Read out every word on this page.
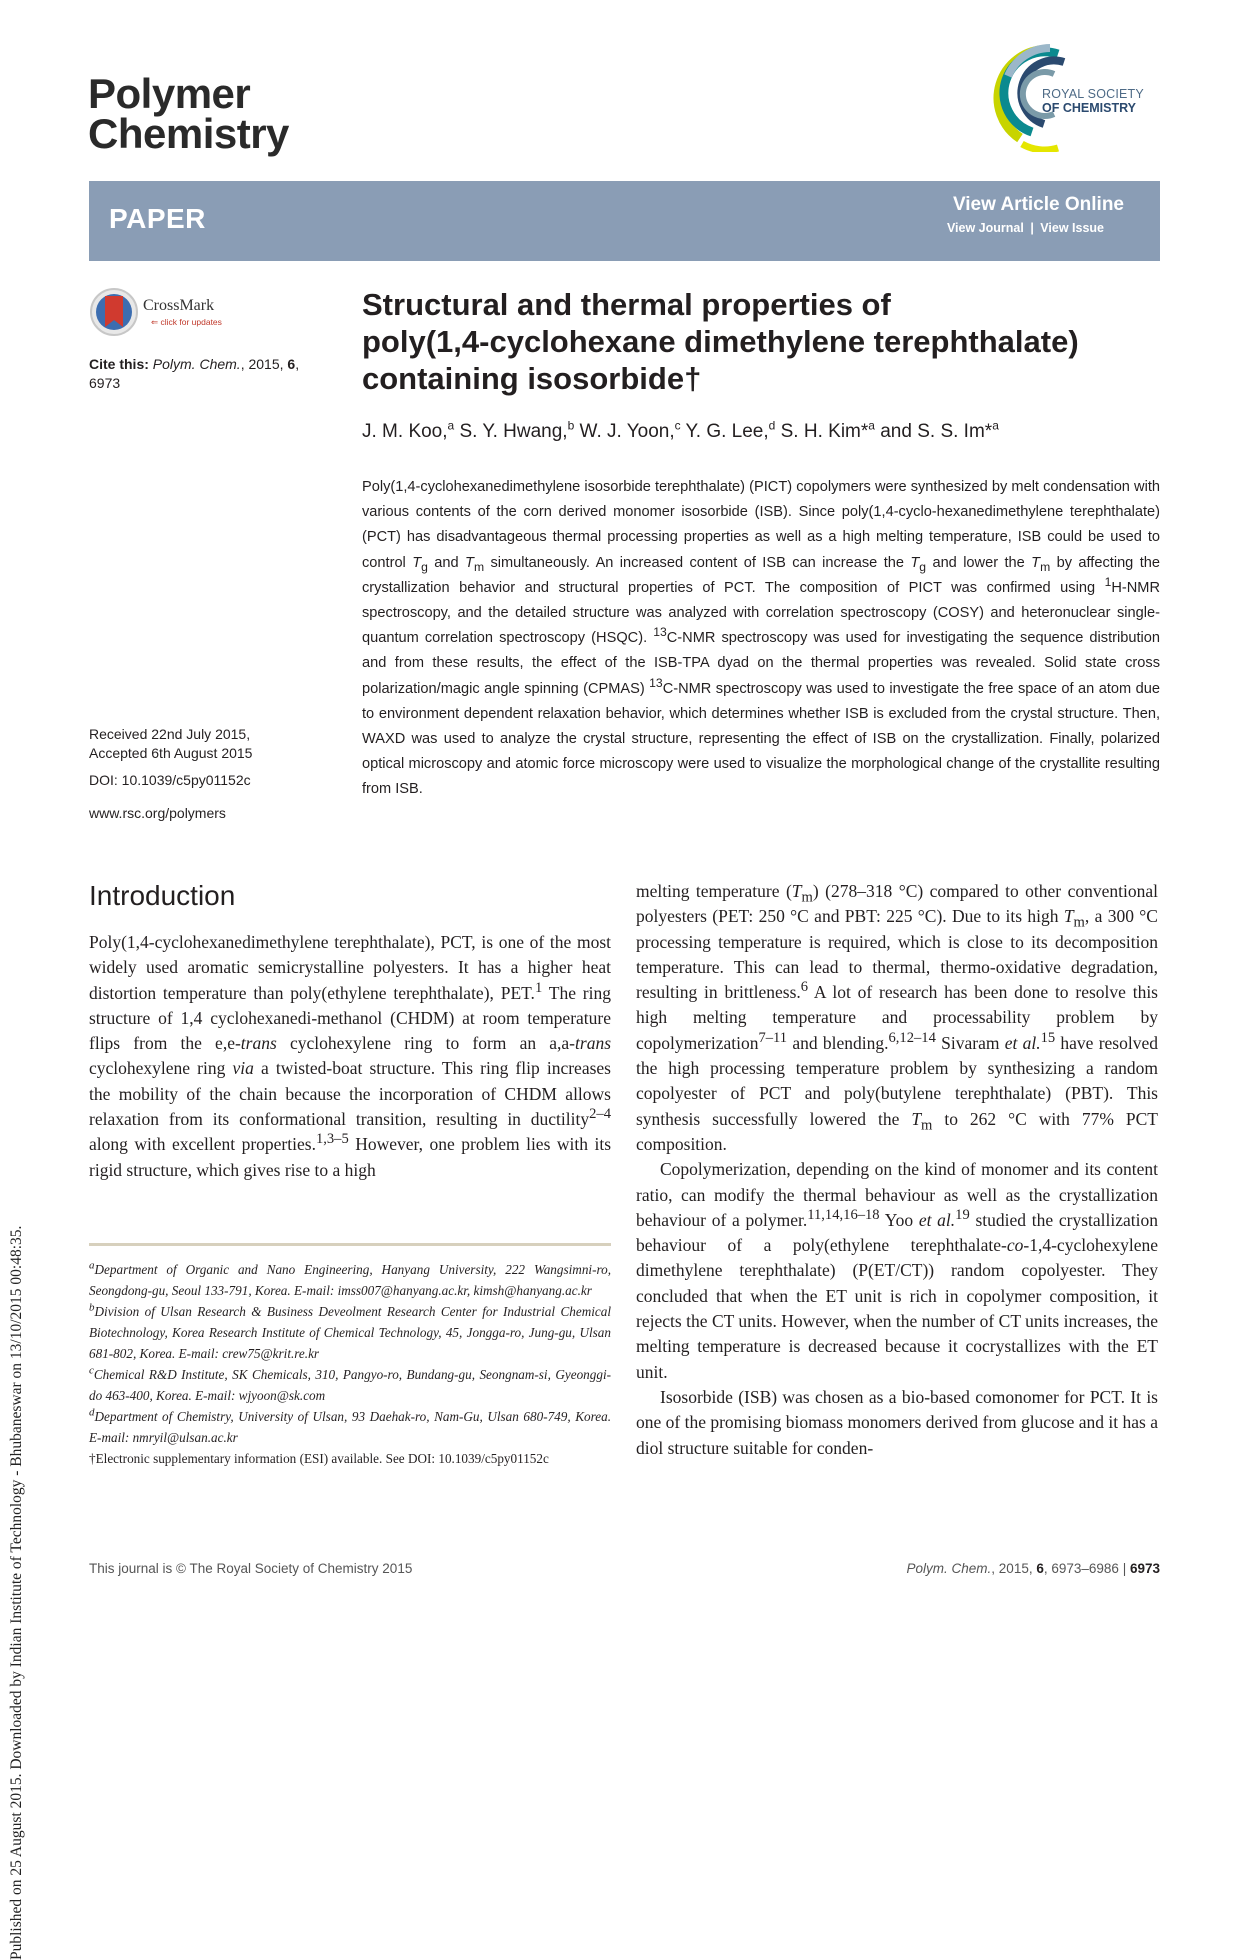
Published on 25 August 2015. Downloaded by Indian Institute of Technology - Bhubaneswar on 13/10/2015 00:48:35.
Polymer
Chemistry
ROYAL SOCIETY
OF CHEMISTRY
PAPER	View Article Online
View Journal | View Issue
CrossMark
⇐ click for updates
Cite this: Polym. Chem., 2015, 6,
6973
Structural and thermal properties of
poly(1,4-cyclohexane dimethylene terephthalate)
containing isosorbide†
J. M. Koo,$^a$ S. Y. Hwang,$^b$ W. J. Yoon,$^c$ Y. G. Lee,$^d$ S. H. Kim*$^a$ and S. S. Im*$^a$
Poly(1,4-cyclohexanedimethylene isosorbide terephthalate) (PICT) copolymers were synthesized by melt condensation with various contents of the corn derived monomer isosorbide (ISB). Since poly(1,4-cyclo-hexanedimethylene terephthalate) (PCT) has disadvantageous thermal processing properties as well as a high melting temperature, ISB could be used to control $T_g$ and $T_m$ simultaneously. An increased content of ISB can increase the $T_g$ and lower the $T_m$ by affecting the crystallization behavior and structural properties of PCT. The composition of PICT was confirmed using $^1$H-NMR spectroscopy, and the detailed structure was analyzed with correlation spectroscopy (COSY) and heteronuclear single-quantum correlation spectroscopy (HSQC). $^{13}$C-NMR spectroscopy was used for investigating the sequence distribution and from these results, the effect of the ISB-TPA dyad on the thermal properties was revealed. Solid state cross polarization/magic angle spinning (CPMAS) $^{13}$C-NMR spectroscopy was used to investigate the free space of an atom due to environment dependent relaxation behavior, which determines whether ISB is excluded from the crystal structure. Then, WAXD was used to analyze the crystal structure, representing the effect of ISB on the crystallization. Finally, polarized optical microscopy and atomic force microscopy were used to visualize the morphological change of the crystallite resulting from ISB.
Received 22nd July 2015,
Accepted 6th August 2015
DOI: 10.1039/c5py01152c
www.rsc.org/polymers
Introduction

Poly(1,4-cyclohexanedimethylene terephthalate), PCT, is one of the most widely used aromatic semicrystalline polyesters. It has a higher heat distortion temperature than poly(ethylene terephthalate), PET.$^1$ The ring structure of 1,4 cyclohexanedi-methanol (CHDM) at room temperature flips from the e,e-trans cyclohexylene ring to form an a,a-trans cyclohexylene ring via a twisted-boat structure. This ring flip increases the mobility of the chain because the incorporation of CHDM allows relaxation from its conformational transition, resulting in ductility$^{2-4}$ along with excellent properties.$^{1,3-5}$ However, one problem lies with its rigid structure, which gives rise to a high

$^a$Department of Organic and Nano Engineering, Hanyang University, 222 Wangsimni-ro, Seongdong-gu, Seoul 133-791, Korea. E-mail: imss007@hanyang.ac.kr, kimsh@hanyang.ac.kr
$^b$Division of Ulsan Research & Business Deveolment Research Center for Industrial Chemical Biotechnology, Korea Research Institute of Chemical Technology, 45, Jongga-ro, Jung-gu, Ulsan 681-802, Korea. E-mail: crew75@krit.re.kr
$^c$Chemical R&D Institute, SK Chemicals, 310, Pangyo-ro, Bundang-gu, Seongnam-si, Gyeonggi-do 463-400, Korea. E-mail: wjyoon@sk.com
$^d$Department of Chemistry, University of Ulsan, 93 Daehak-ro, Nam-Gu, Ulsan 680-749, Korea. E-mail: nmryil@ulsan.ac.kr
†Electronic supplementary information (ESI) available. See DOI: 10.1039/c5py01152c

melting temperature $(T_m)$ (278–318 °C) compared to other conventional polyesters (PET: 250 °C and PBT: 225 °C). Due to its high $T_m$, a 300 °C processing temperature is required, which is close to its decomposition temperature. This can lead to thermal, thermo-oxidative degradation, resulting in brittleness.$^6$ A lot of research has been done to resolve this high melting temperature and processability problem by copolymerization$^{7-11}$ and blending.$^{6,12-14}$ Sivaram et al.$^{15}$ have resolved the high processing temperature problem by synthesizing a random copolyester of PCT and poly(butylene terephthalate) (PBT). This synthesis successfully lowered the $T_m$ to 262 °C with 77% PCT composition.

Copolymerization, depending on the kind of monomer and its content ratio, can modify the thermal behaviour as well as the crystallization behaviour of a polymer.$^{11,14,16-18}$ Yoo et al.$^{19}$ studied the crystallization behaviour of a poly(ethylene terephthalate-co-1,4-cyclohexylene dimethylene terephthalate) (P(ET/CT)) random copolyester. They concluded that when the ET unit is rich in copolymer composition, it rejects the CT units. However, when the number of CT units increases, the melting temperature is decreased because it cocrystallizes with the ET unit.

Isosorbide (ISB) was chosen as a bio-based comonomer for PCT. It is one of the promising biomass monomers derived from glucose and it has a diol structure suitable for conden-

This journal is © The Royal Society of Chemistry 2015	Polym. Chem., 2015, 6, 6973–6986 | 6973
